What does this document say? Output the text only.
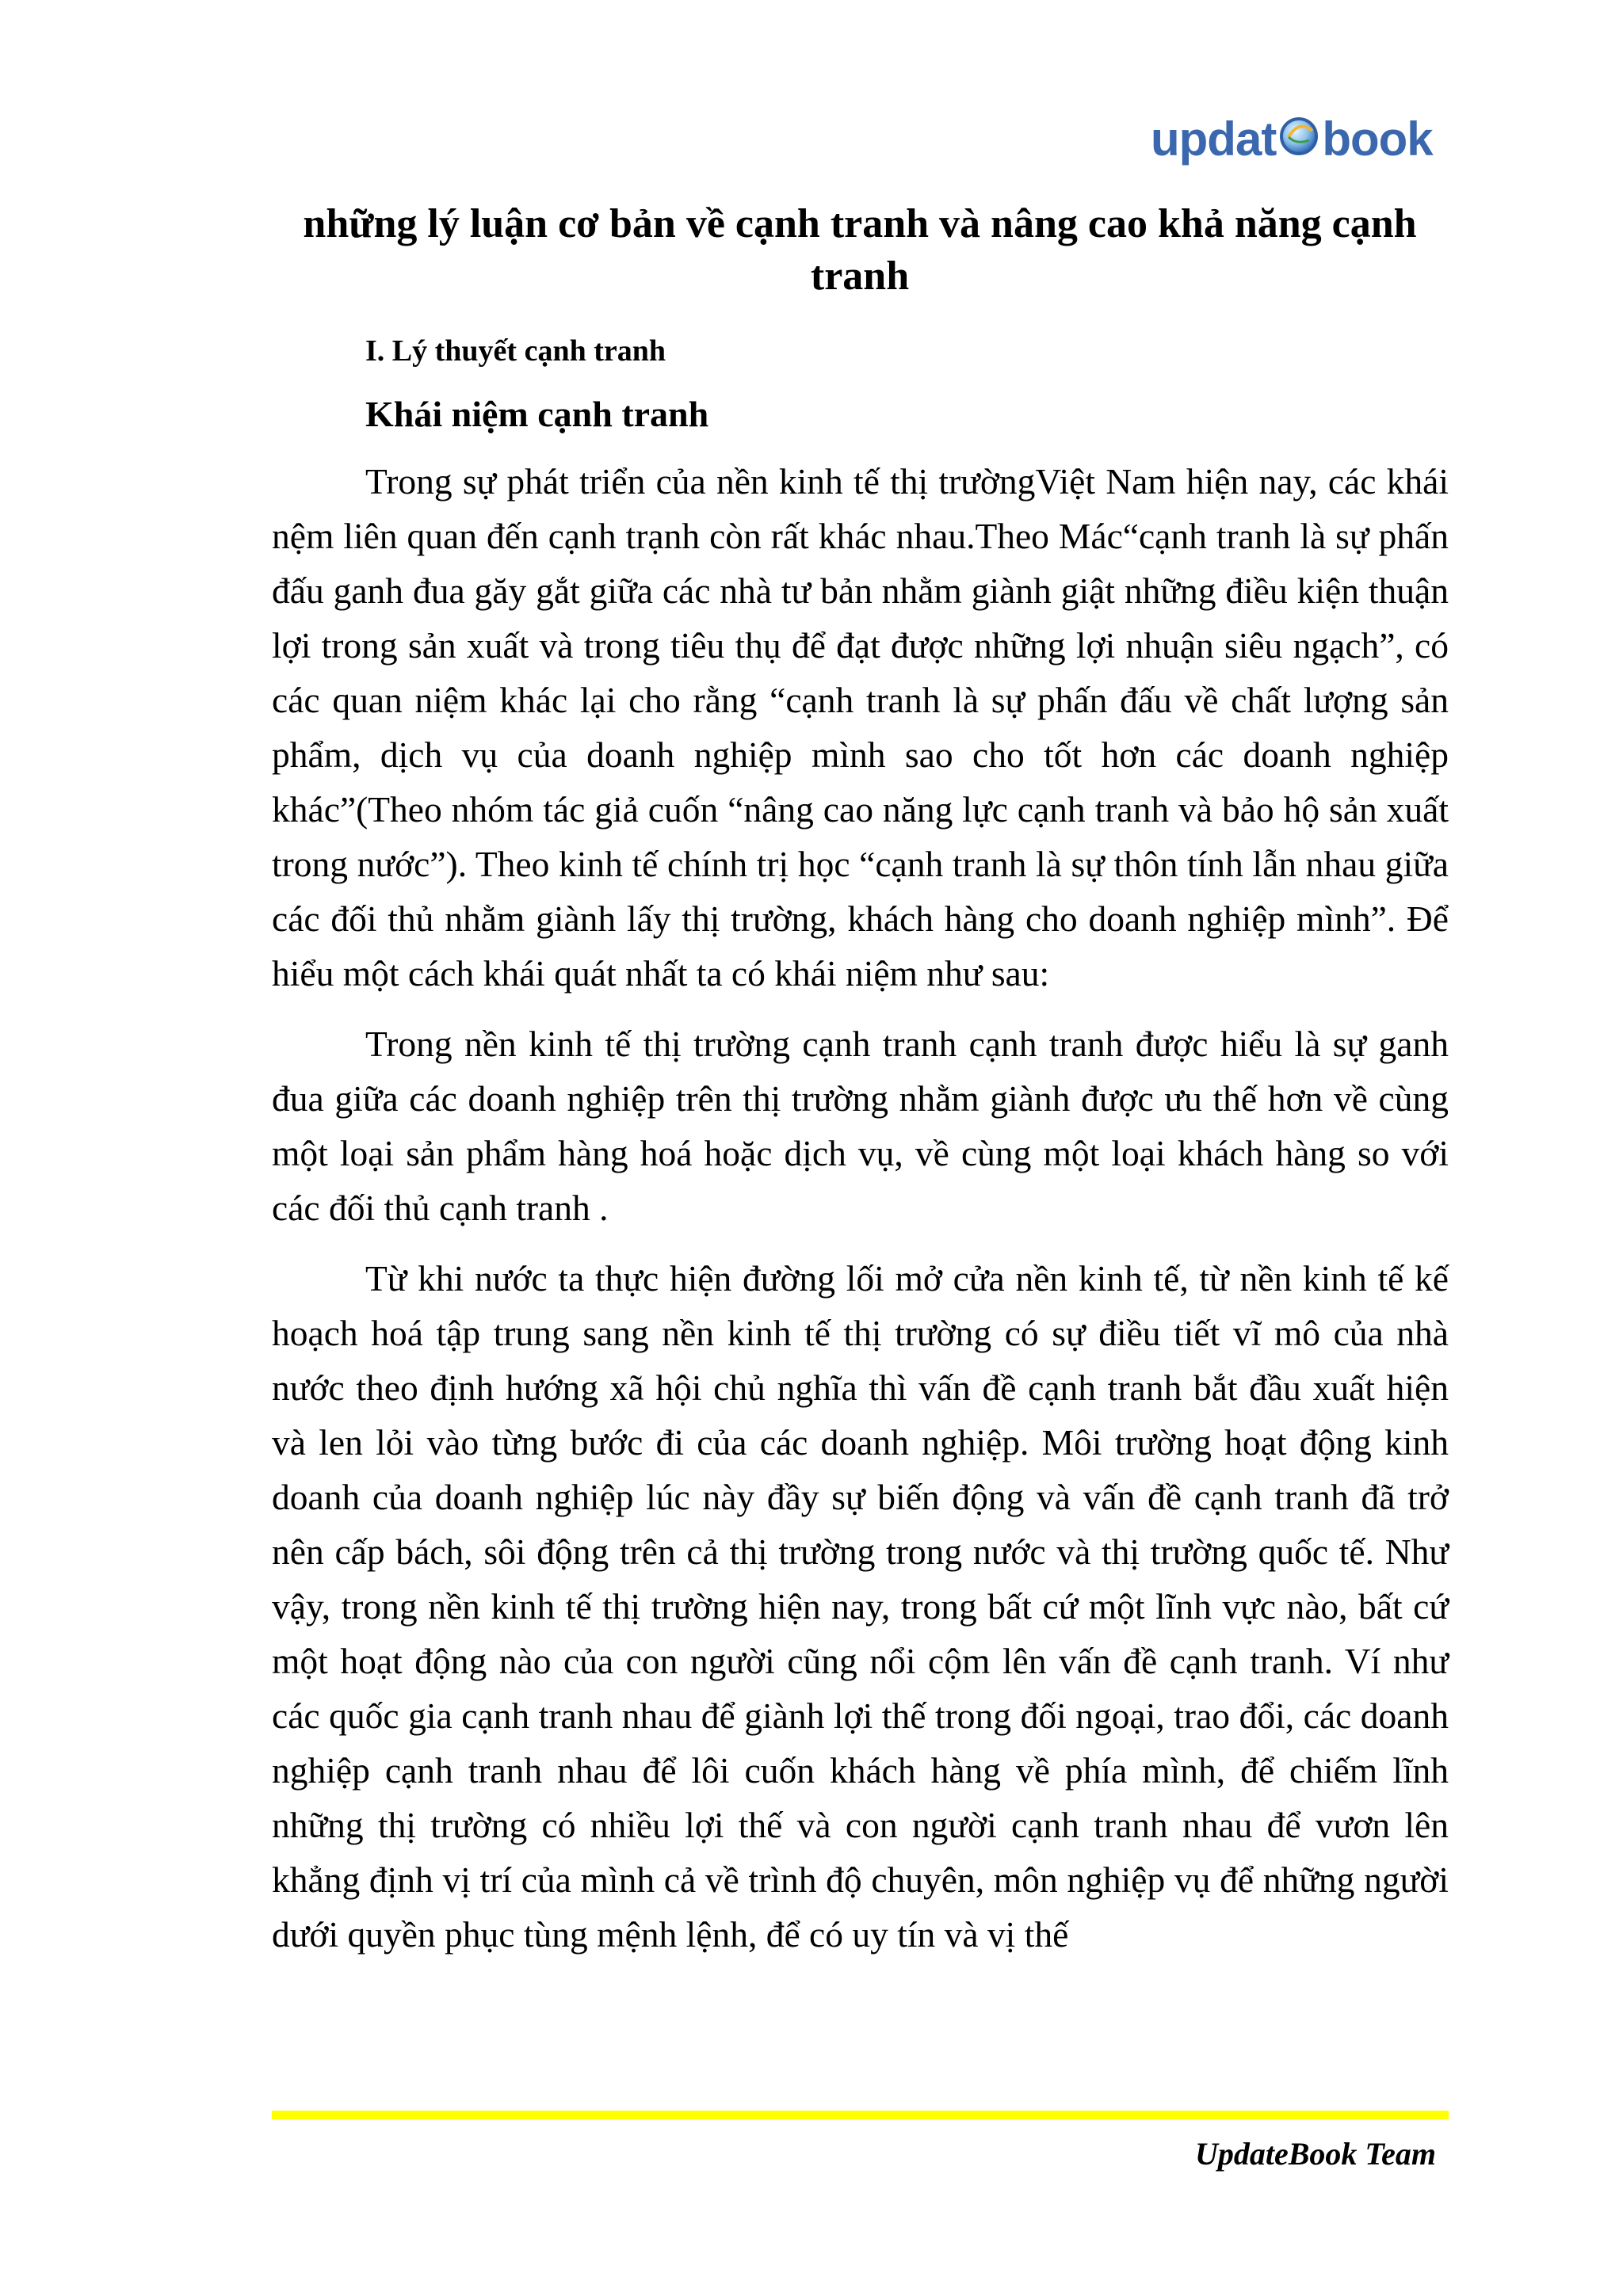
updat book
những lý luận cơ bản về cạnh tranh và nâng cao khả năng cạnh tranh
I. Lý thuyết cạnh tranh
Khái niệm cạnh tranh

Trong sự phát triển của nền kinh tế thị trườngViệt Nam hiện nay, các khái nệm liên quan đến cạnh trạnh còn rất khác nhau.Theo Mác“cạnh tranh là sự phấn đấu ganh đua găy gắt giữa các nhà tư bản nhằm giành giật những điều kiện thuận lợi trong sản xuất và trong tiêu thụ để đạt được những lợi nhuận siêu ngạch”, có các quan niệm khác lại cho rằng “cạnh tranh là sự phấn đấu về chất lượng sản phẩm, dịch vụ của doanh nghiệp mình sao cho tốt hơn các doanh nghiệp khác”(Theo nhóm tác giả cuốn “nâng cao năng lực cạnh tranh và bảo hộ sản xuất trong nước”). Theo kinh tế chính trị học “cạnh tranh là sự thôn tính lẫn nhau giữa các đối thủ nhằm giành lấy thị trường, khách hàng cho doanh nghiệp mình”. Để hiểu một cách khái quát nhất ta có khái niệm như sau:

Trong nền kinh tế thị trường cạnh tranh cạnh tranh được hiểu là sự ganh đua giữa các doanh nghiệp trên thị trường nhằm giành được ưu thế hơn về cùng một loại sản phẩm hàng hoá hoặc dịch vụ, về cùng một loại khách hàng so với các đối thủ cạnh tranh .

Từ khi nước ta thực hiện đường lối mở cửa nền kinh tế, từ nền kinh tế kế hoạch hoá tập trung sang nền kinh tế thị trường có sự điều tiết vĩ mô của nhà nước theo định hướng xã hội chủ nghĩa thì vấn đề cạnh tranh bắt đầu xuất hiện và len lỏi vào từng bước đi của các doanh nghiệp. Môi trường hoạt động kinh doanh của doanh nghiệp lúc này đầy sự biến động và vấn đề cạnh tranh đã trở nên cấp bách, sôi động trên cả thị trường trong nước và thị trường quốc tế. Như vậy, trong nền kinh tế thị trường hiện nay, trong bất cứ một lĩnh vực nào, bất cứ một hoạt động nào của con người cũng nổi cộm lên vấn đề cạnh tranh. Ví như các quốc gia cạnh tranh nhau để giành lợi thế trong đối ngoại, trao đổi, các doanh nghiệp cạnh tranh nhau để lôi cuốn khách hàng về phía mình, để chiếm lĩnh những thị trường có nhiều lợi thế và con người cạnh tranh nhau để vươn lên khẳng định vị trí của mình cả về trình độ chuyên, môn nghiệp vụ để những người dưới quyền phục tùng mệnh lệnh, để có uy tín và vị thế

UpdateBook Team
